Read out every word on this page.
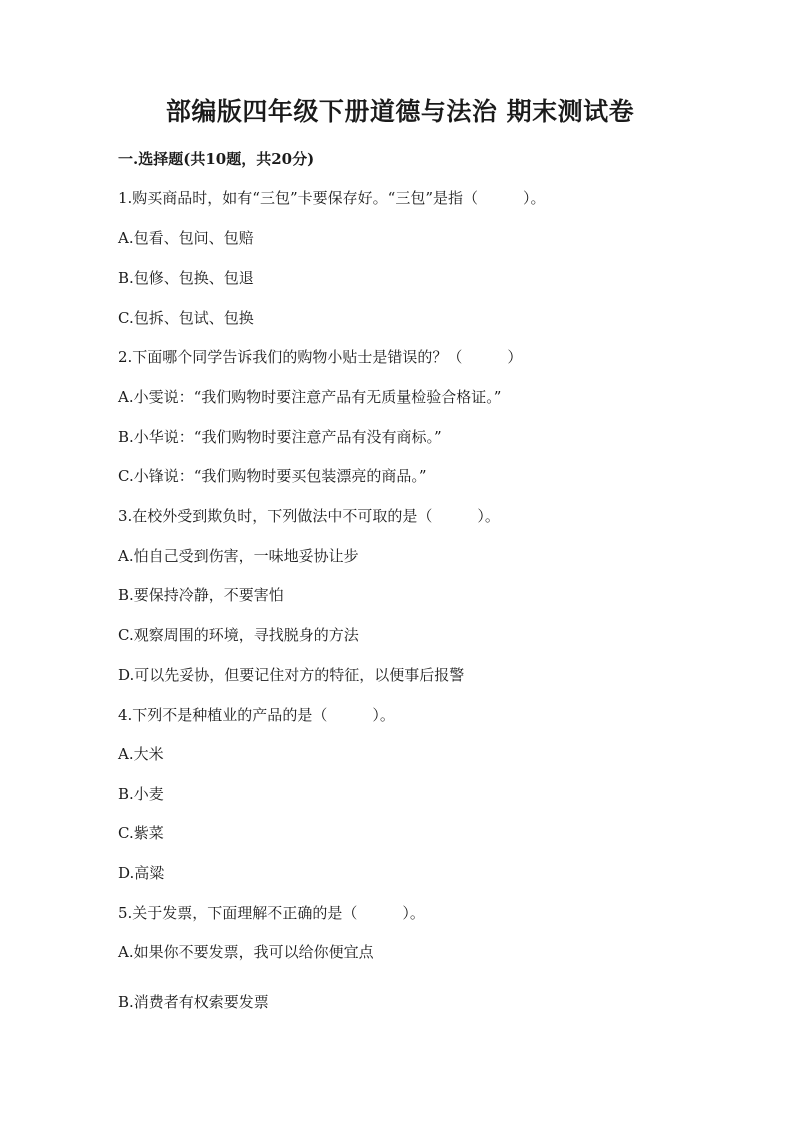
部编版四年级下册道德与法治 期末测试卷
一.选择题(共10题，共20分)
1.购买商品时，如有“三包”卡要保存好。“三包”是指（　　　）。
A.包看、包问、包赔
B.包修、包换、包退
C.包拆、包试、包换
2.下面哪个同学告诉我们的购物小贴士是错误的？（　　　）
A.小雯说：“我们购物时要注意产品有无质量检验合格证。”
B.小华说：“我们购物时要注意产品有没有商标。”
C.小锋说：“我们购物时要买包装漂亮的商品。”
3.在校外受到欺负时，下列做法中不可取的是（　　　）。
A.怕自己受到伤害，一味地妥协让步
B.要保持冷静，不要害怕
C.观察周围的环境，寻找脱身的方法
D.可以先妥协，但要记住对方的特征，以便事后报警
4.下列不是种植业的产品的是（　　　）。
A.大米
B.小麦
C.紫菜
D.高粱
5.关于发票，下面理解不正确的是（　　　）。
A.如果你不要发票，我可以给你便宜点
B.消费者有权索要发票
